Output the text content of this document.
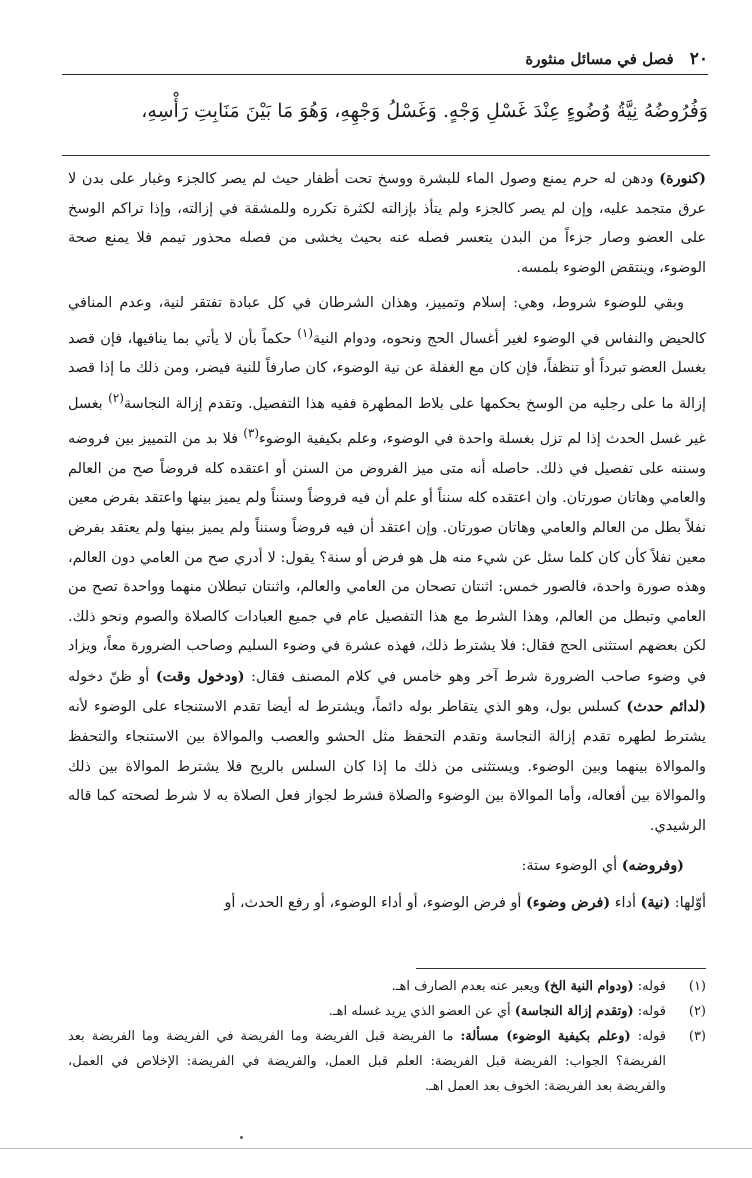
٢٠
فصل في مسائل منثورة
وَفُرُوضُهُ نِيَّةُ وُضُوءٍ عِنْدَ غَسْلِ وَجْهٍ. وَغَسْلُ وَجْهِهِ، وَهُوَ مَا بَيْنَ مَنَابِتِ رَأْسِهِ،

(كنورة) ودهن له حرم يمنع وصول الماء للبشرة ووسخ تحت أظفار حيث لم يصر كالجزء وغبار على بدن لا عرق متجمد عليه، وإن لم يصر كالجزء ولم يتأذ بإزالته لكثرة تكرره وللمشقة في إزالته، وإذا تراكم الوسخ على العضو وصار جزءاً من البدن يتعسر فصله عنه بحيث يخشى من فصله محذور تيمم فلا يمنع صحة الوضوء، وينتقض الوضوء بلمسه.

وبقي للوضوء شروط، وهي: إسلام وتمييز، وهذان الشرطان في كل عبادة تفتقر لنية، وعدم المنافي كالحيض والنفاس في الوضوء لغير أغسال الحج ونحوه، ودوام النية$^{(١)}$ حكماً بأن لا يأتي بما ينافيها، فإن قصد بغسل العضو تبرداً أو تنظفاً، فإن كان مع الغفلة عن نية الوضوء، كان صارفاً للنية فيضر، ومن ذلك ما إذا قصد إزالة ما على رجليه من الوسخ بحكمها على بلاط المطهرة ففيه هذا التفصيل. وتقدم إزالة النجاسة$^{(٢)}$ بغسل غير غسل الحدث إذا لم تزل بغسلة واحدة في الوضوء، وعلم بكيفية الوضوء$^{(٣)}$ فلا بد من التمييز بين فروضه وسننه على تفصيل في ذلك. حاصله أنه متى ميز الفروض من السنن أو اعتقده كله فروضاً صح من العالم والعامي وهاتان صورتان. وان اعتقده كله سنناً أو علم أن فيه فروضاً وسنناً ولم يميز بينها واعتقد بفرض معين نفلاً بطل من العالم والعامي وهاتان صورتان. وإن اعتقد أن فيه فروضاً وسنناً ولم يميز بينها ولم يعتقد بفرض معين نفلاً كأن كان كلما سئل عن شيء منه هل هو فرض أو سنة؟ يقول: لا أدري صح من العامي دون العالم، وهذه صورة واحدة، فالصور خمس: اثنتان تصحان من العامي والعالم، واثنتان تبطلان منهما وواحدة تصح من العامي وتبطل من العالم، وهذا الشرط مع هذا التفصيل عام في جميع العبادات كالصلاة والصوم ونحو ذلك. لكن بعضهم استثنى الحج فقال: فلا يشترط ذلك، فهذه عشرة في وضوء السليم وصاحب الضرورة معاً، ويزاد في وضوء صاحب الضرورة شرط آخر وهو خامس في كلام المصنف فقال: (ودخول وقت) أو ظنّ دخوله (لدائم حدث) كسلس بول، وهو الذي يتقاطر بوله دائماً، ويشترط له أيضا تقدم الاستنجاء على الوضوء لأنه يشترط لطهره تقدم إزالة النجاسة وتقدم التحفظ مثل الحشو والعصب والموالاة بين الاستنجاء والتحفظ والموالاة بينهما وبين الوضوء. ويستثنى من ذلك ما إذا كان السلس بالريح فلا يشترط الموالاة بين ذلك والموالاة بين أفعاله، وأما الموالاة بين الوضوء والصلاة فشرط لجواز فعل الصلاة به لا شرط لصحته كما قاله الرشيدي.

(وفروضه) أي الوضوء ستة:

أوّلها: (نية) أداء (فرض وضوء) أو فرض الوضوء، أو أداء الوضوء، أو رفع الحدث، أو

(١)
قوله: (ودوام النية الخ) ويعبر عنه بعدم الصارف اهـ.
(٢)
قوله: (وتقدم إزالة النجاسة) أي عن العضو الذي يريد غسله اهـ.
(٣)
قوله: (وعلم بكيفية الوضوء) مسألة: ما الفريضة قبل الفريضة وما الفريضة في الفريضة وما الفريضة بعد الفريضة؟ الجواب: الفريضة قبل الفريضة: العلم قبل العمل، والفريضة في الفريضة: الإخلاص في العمل، والفريضة بعد الفريضة: الخوف بعد العمل اهـ.
